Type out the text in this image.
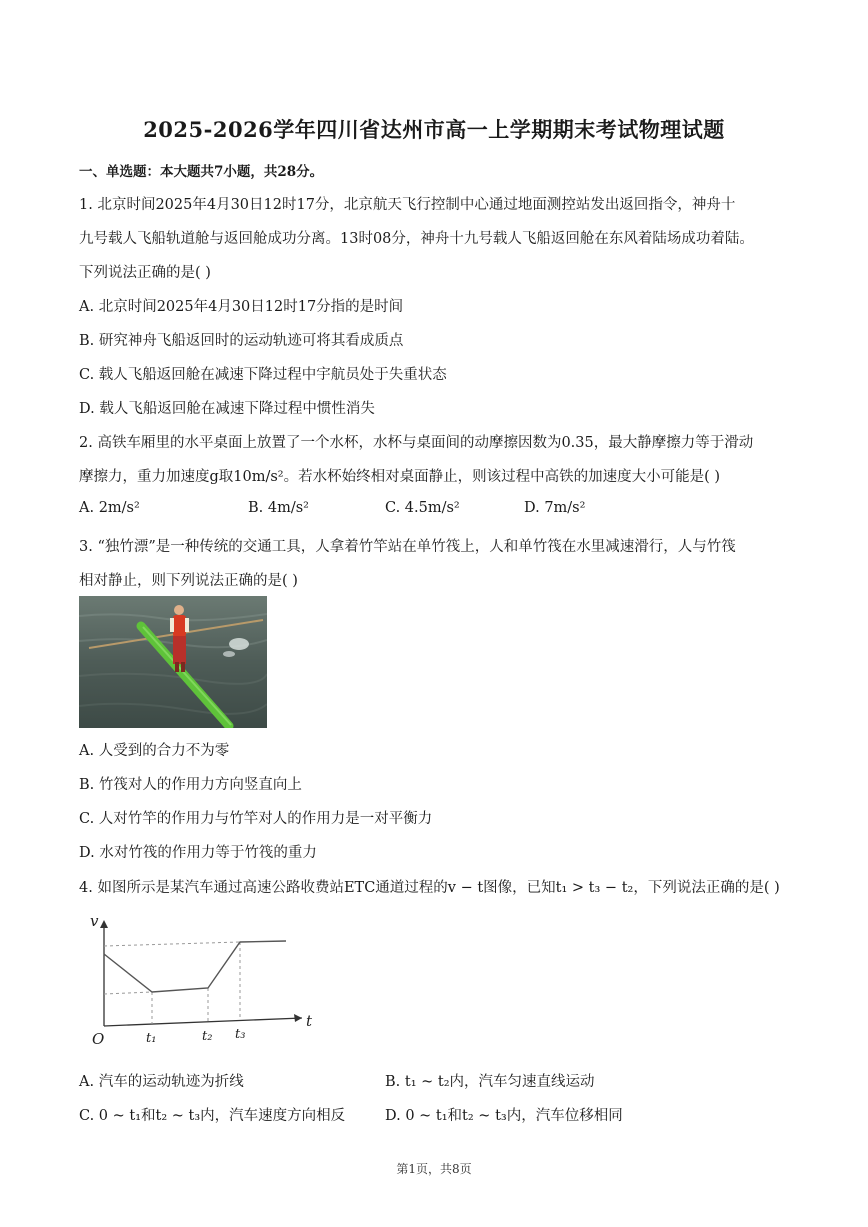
2025-2026学年四川省达州市高一上学期期末考试物理试题
一、单选题：本大题共7小题，共28分。
1. 北京时间2025年4月30日12时17分，北京航天飞行控制中心通过地面测控站发出返回指令，神舟十
九号载人飞船轨道舱与返回舱成功分离。13时08分，神舟十九号载人飞船返回舱在东风着陆场成功着陆。
下列说法正确的是( )
A. 北京时间2025年4月30日12时17分指的是时间
B. 研究神舟飞船返回时的运动轨迹可将其看成质点
C. 载人飞船返回舱在减速下降过程中宇航员处于失重状态
D. 载人飞船返回舱在减速下降过程中惯性消失
2. 高铁车厢里的水平桌面上放置了一个水杯，水杯与桌面间的动摩擦因数为0.35，最大静摩擦力等于滑动
摩擦力，重力加速度g取10m/s²。若水杯始终相对桌面静止，则该过程中高铁的加速度大小可能是( )
A. 2m/s²	B. 4m/s²	C. 4.5m/s²	D. 7m/s²
3. “独竹漂”是一种传统的交通工具，人拿着竹竿站在单竹筏上，人和单竹筏在水里减速滑行，人与竹筏
相对静止，则下列说法正确的是( )
A. 人受到的合力不为零
B. 竹筏对人的作用力方向竖直向上
C. 人对竹竿的作用力与竹竿对人的作用力是一对平衡力
D. 水对竹筏的作用力等于竹筏的重力
4. 如图所示是某汽车通过高速公路收费站ETC通道过程的v − t图像，已知t₁ > t₃ − t₂，下列说法正确的是( )
v
t
O	t₁	t₂ t₃
A. 汽车的运动轨迹为折线	B. t₁ ~ t₂内，汽车匀速直线运动
C. 0 ~ t₁和t₂ ~ t₃内，汽车速度方向相反	D. 0 ~ t₁和t₂ ~ t₃内，汽车位移相同
第1页，共8页
